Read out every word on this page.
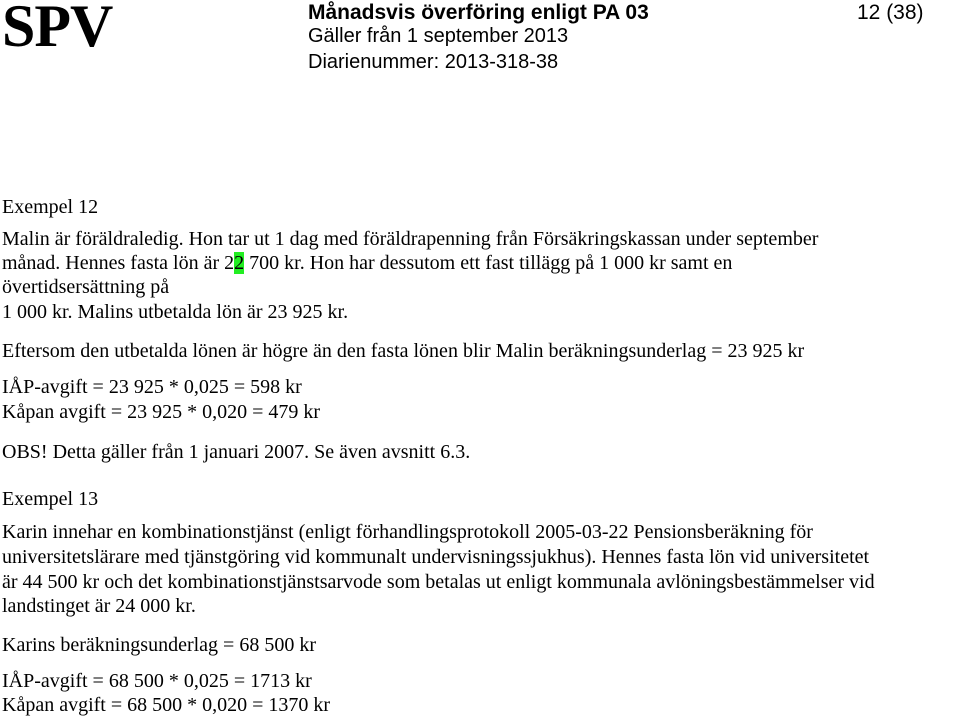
SPV	Månadsvis överföring enligt PA 03
Gäller från 1 september 2013
Diarienummer: 2013-318-38
12 (38)
Exempel 12
Malin är föräldraledig. Hon tar ut 1 dag med föräldrapenning från Försäkringskassan under september
månad. Hennes fasta lön är 22 700 kr. Hon har dessutom ett fast tillägg på 1 000 kr samt en
övertidsersättning på
1 000 kr. Malins utbetalda lön är 23 925 kr.
Eftersom den utbetalda lönen är högre än den fasta lönen blir Malin beräkningsunderlag = 23 925 kr
IÅP-avgift = 23 925 * 0,025 = 598 kr
Kåpan avgift = 23 925 * 0,020 = 479 kr
OBS! Detta gäller från 1 januari 2007. Se även avsnitt 6.3.
Exempel 13
Karin innehar en kombinationstjänst (enligt förhandlingsprotokoll 2005-03-22 Pensionsberäkning för
universitetslärare med tjänstgöring vid kommunalt undervisningssjukhus). Hennes fasta lön vid universitetet
är 44 500 kr och det kombinationstjänstsarvode som betalas ut enligt kommunala avlöningsbestämmelser vid
landstinget är 24 000 kr.
Karins beräkningsunderlag = 68 500 kr
IÅP-avgift = 68 500 * 0,025 = 1713 kr
Kåpan avgift = 68 500 * 0,020 = 1370 kr
